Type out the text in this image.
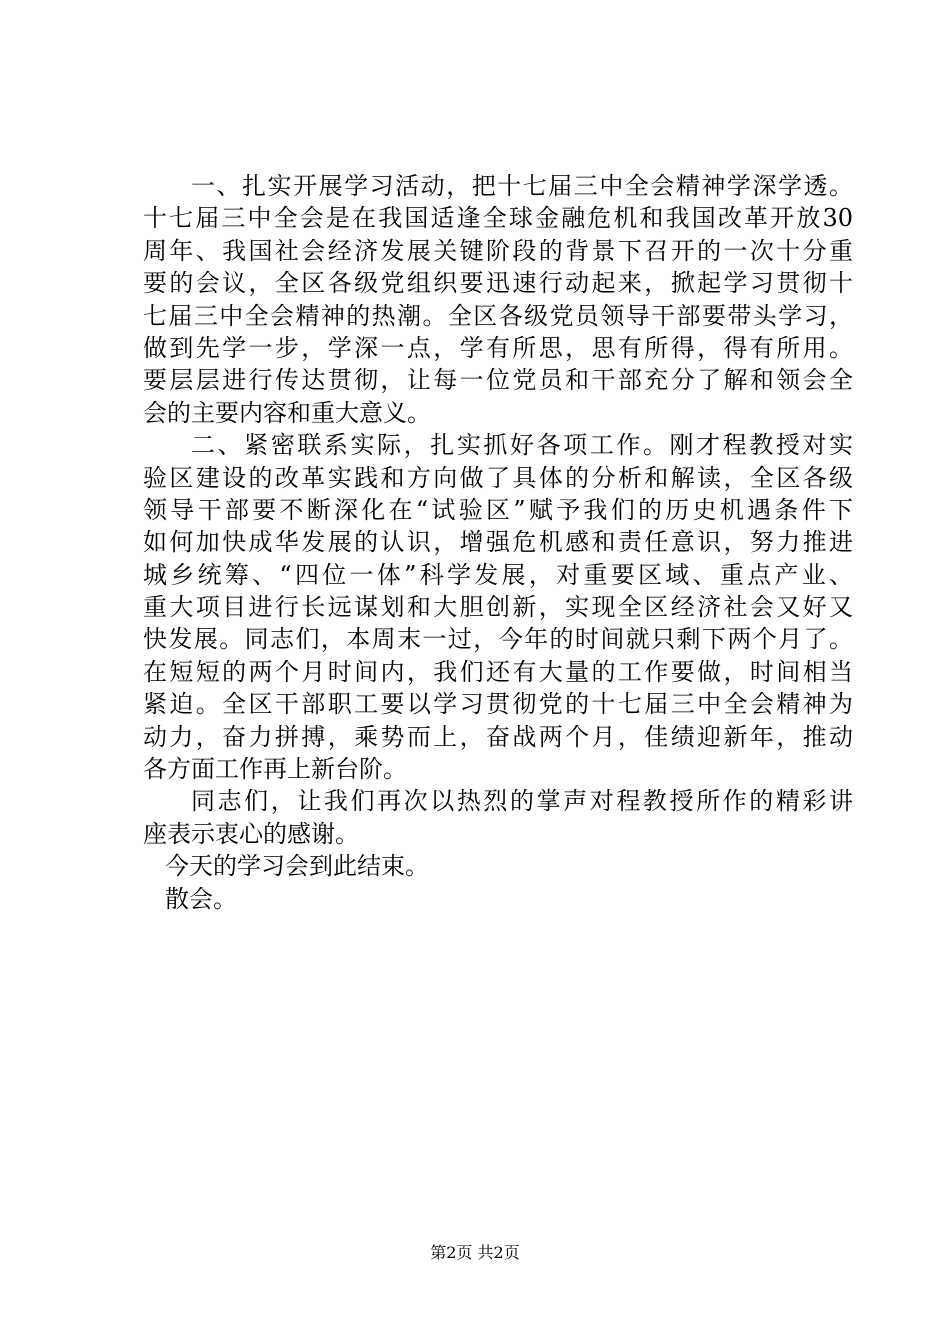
一、扎实开展学习活动，把十七届三中全会精神学深学透。
十七届三中全会是在我国适逢全球金融危机和我国改革开放30
周年、我国社会经济发展关键阶段的背景下召开的一次十分重
要的会议，全区各级党组织要迅速行动起来，掀起学习贯彻十
七届三中全会精神的热潮。全区各级党员领导干部要带头学习，
做到先学一步，学深一点，学有所思，思有所得，得有所用。
要层层进行传达贯彻，让每一位党员和干部充分了解和领会全
会的主要内容和重大意义。
二、紧密联系实际，扎实抓好各项工作。刚才程教授对实
验区建设的改革实践和方向做了具体的分析和解读，全区各级
领导干部要不断深化在“试验区”赋予我们的历史机遇条件下
如何加快成华发展的认识，增强危机感和责任意识，努力推进
城乡统筹、“四位一体”科学发展，对重要区域、重点产业、
重大项目进行长远谋划和大胆创新，实现全区经济社会又好又
快发展。同志们，本周末一过，今年的时间就只剩下两个月了。
在短短的两个月时间内，我们还有大量的工作要做，时间相当
紧迫。全区干部职工要以学习贯彻党的十七届三中全会精神为
动力，奋力拼搏，乘势而上，奋战两个月，佳绩迎新年，推动
各方面工作再上新台阶。
同志们，让我们再次以热烈的掌声对程教授所作的精彩讲
座表示衷心的感谢。
今天的学习会到此结束。
散会。
第2页 共2页
